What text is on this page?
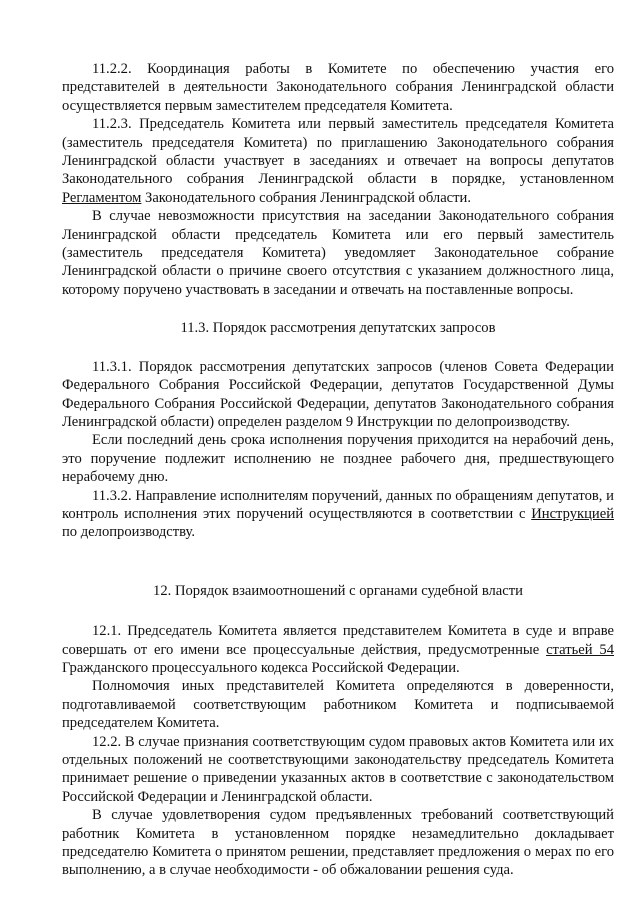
11.2.2. Координация работы в Комитете по обеспечению участия его представителей в деятельности Законодательного собрания Ленинградской области осуществляется первым заместителем председателя Комитета.

11.2.3. Председатель Комитета или первый заместитель председателя Комитета (заместитель председателя Комитета) по приглашению Законодательного собрания Ленинградской области участвует в заседаниях и отвечает на вопросы депутатов Законодательного собрания Ленинградской области в порядке, установленном Регламентом Законодательного собрания Ленинградской области.

В случае невозможности присутствия на заседании Законодательного собрания Ленинградской области председатель Комитета или его первый заместитель (заместитель председателя Комитета) уведомляет Законодательное собрание Ленинградской области о причине своего отсутствия с указанием должностного лица, которому поручено участвовать в заседании и отвечать на поставленные вопросы.

11.3. Порядок рассмотрения депутатских запросов

11.3.1. Порядок рассмотрения депутатских запросов (членов Совета Федерации Федерального Собрания Российской Федерации, депутатов Государственной Думы Федерального Собрания Российской Федерации, депутатов Законодательного собрания Ленинградской области) определен разделом 9 Инструкции по делопроизводству.

Если последний день срока исполнения поручения приходится на нерабочий день, это поручение подлежит исполнению не позднее рабочего дня, предшествующего нерабочему дню.

11.3.2. Направление исполнителям поручений, данных по обращениям депутатов, и контроль исполнения этих поручений осуществляются в соответствии с Инструкцией по делопроизводству.

12. Порядок взаимоотношений с органами судебной власти

12.1. Председатель Комитета является представителем Комитета в суде и вправе совершать от его имени все процессуальные действия, предусмотренные статьей 54 Гражданского процессуального кодекса Российской Федерации.

Полномочия иных представителей Комитета определяются в доверенности, подготавливаемой соответствующим работником Комитета и подписываемой председателем Комитета.

12.2. В случае признания соответствующим судом правовых актов Комитета или их отдельных положений не соответствующими законодательству председатель Комитета принимает решение о приведении указанных актов в соответствие с законодательством Российской Федерации и Ленинградской области.

В случае удовлетворения судом предъявленных требований соответствующий работник Комитета в установленном порядке незамедлительно докладывает председателю Комитета о принятом решении, представляет предложения о мерах по его выполнению, а в случае необходимости - об обжаловании решения суда.
